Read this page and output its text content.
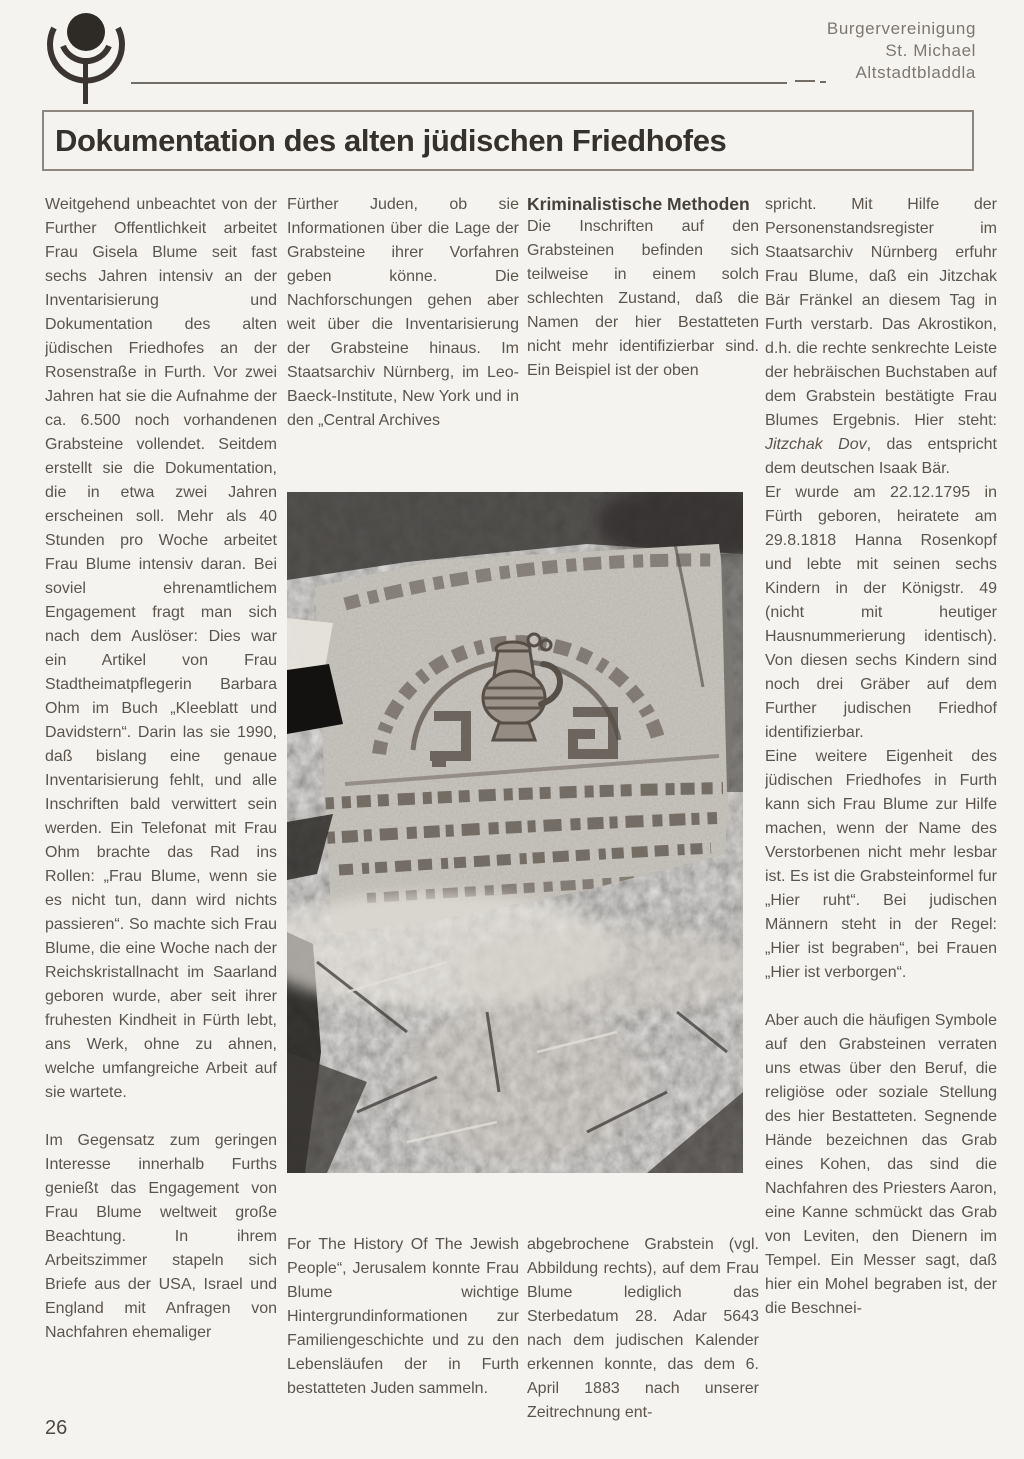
Burgervereinigung
St. Michael
Altstadtbladdla
Dokumentation des alten jüdischen Friedhofes

Weitgehend unbeachtet von der Further Offentlichkeit arbeitet Frau Gisela Blume seit fast sechs Jahren intensiv an der Inventarisierung und Dokumentation des alten jüdischen Friedhofes an der Rosenstraße in Furth. Vor zwei Jahren hat sie die Aufnahme der ca. 6.500 noch vorhandenen Grabsteine vollendet. Seitdem erstellt sie die Dokumentation, die in etwa zwei Jahren erscheinen soll. Mehr als 40 Stunden pro Woche arbeitet Frau Blume intensiv daran. Bei soviel ehrenamtlichem Engagement fragt man sich nach dem Auslöser: Dies war ein Artikel von Frau Stadtheimatpflegerin Barbara Ohm im Buch „Kleeblatt und Davidstern“. Darin las sie 1990, daß bislang eine genaue Inventarisierung fehlt, und alle Inschriften bald verwittert sein werden. Ein Telefonat mit Frau Ohm brachte das Rad ins Rollen: „Frau Blume, wenn sie es nicht tun, dann wird nichts passieren“. So machte sich Frau Blume, die eine Woche nach der Reichskristallnacht im Saarland geboren wurde, aber seit ihrer fruhesten Kindheit in Fürth lebt, ans Werk, ohne zu ahnen, welche umfangreiche Arbeit auf sie wartete.

Im Gegensatz zum geringen Interesse innerhalb Furths genießt das Engagement von Frau Blume weltweit große Beachtung. In ihrem Arbeitszimmer stapeln sich Briefe aus der USA, Israel und England mit Anfragen von Nachfahren ehemaliger

Fürther Juden, ob sie Informationen über die Lage der Grabsteine ihrer Vorfahren geben könne. Die Nachforschungen gehen aber weit über die Inventarisierung der Grabsteine hinaus. Im Staatsarchiv Nürnberg, im Leo-Baeck-Institute, New York und in den „Central Archives

Kriminalistische Methoden

Die Inschriften auf den Grabsteinen befinden sich teilweise in einem solch schlechten Zustand, daß die Namen der hier Bestatteten nicht mehr identifizierbar sind. Ein Beispiel ist der oben

For The History Of The Jewish People“, Jerusalem konnte Frau Blume wichtige Hintergrundinformationen zur Familiengeschichte und zu den Lebensläufen der in Furth bestatteten Juden sammeln.

abgebrochene Grabstein (vgl. Abbildung rechts), auf dem Frau Blume lediglich das Sterbedatum 28. Adar 5643 nach dem judischen Kalender erkennen konnte, das dem 6. April 1883 nach unserer Zeitrechnung ent-

spricht. Mit Hilfe der Personenstandsregister im Staatsarchiv Nürnberg erfuhr Frau Blume, daß ein Jitzchak Bär Fränkel an diesem Tag in Furth verstarb. Das Akrostikon, d.h. die rechte senkrechte Leiste der hebräischen Buchstaben auf dem Grabstein bestätigte Frau Blumes Ergebnis. Hier steht: Jitzchak Dov, das entspricht dem deutschen Isaak Bär.

Er wurde am 22.12.1795 in Fürth geboren, heiratete am 29.8.1818 Hanna Rosenkopf und lebte mit seinen sechs Kindern in der Königstr. 49 (nicht mit heutiger Hausnummerierung identisch). Von diesen sechs Kindern sind noch drei Gräber auf dem Further judischen Friedhof identifizierbar.

Eine weitere Eigenheit des jüdischen Friedhofes in Furth kann sich Frau Blume zur Hilfe machen, wenn der Name des Verstorbenen nicht mehr lesbar ist. Es ist die Grabsteinformel fur „Hier ruht“. Bei judischen Männern steht in der Regel: „Hier ist begraben“, bei Frauen „Hier ist verborgen“.

Aber auch die häufigen Symbole auf den Grabsteinen verraten uns etwas über den Beruf, die religiöse oder soziale Stellung des hier Bestatteten. Segnende Hände bezeichnen das Grab eines Kohen, das sind die Nachfahren des Priesters Aaron, eine Kanne schmückt das Grab von Leviten, den Dienern im Tempel. Ein Messer sagt, daß hier ein Mohel begraben ist, der die Beschnei-

26
